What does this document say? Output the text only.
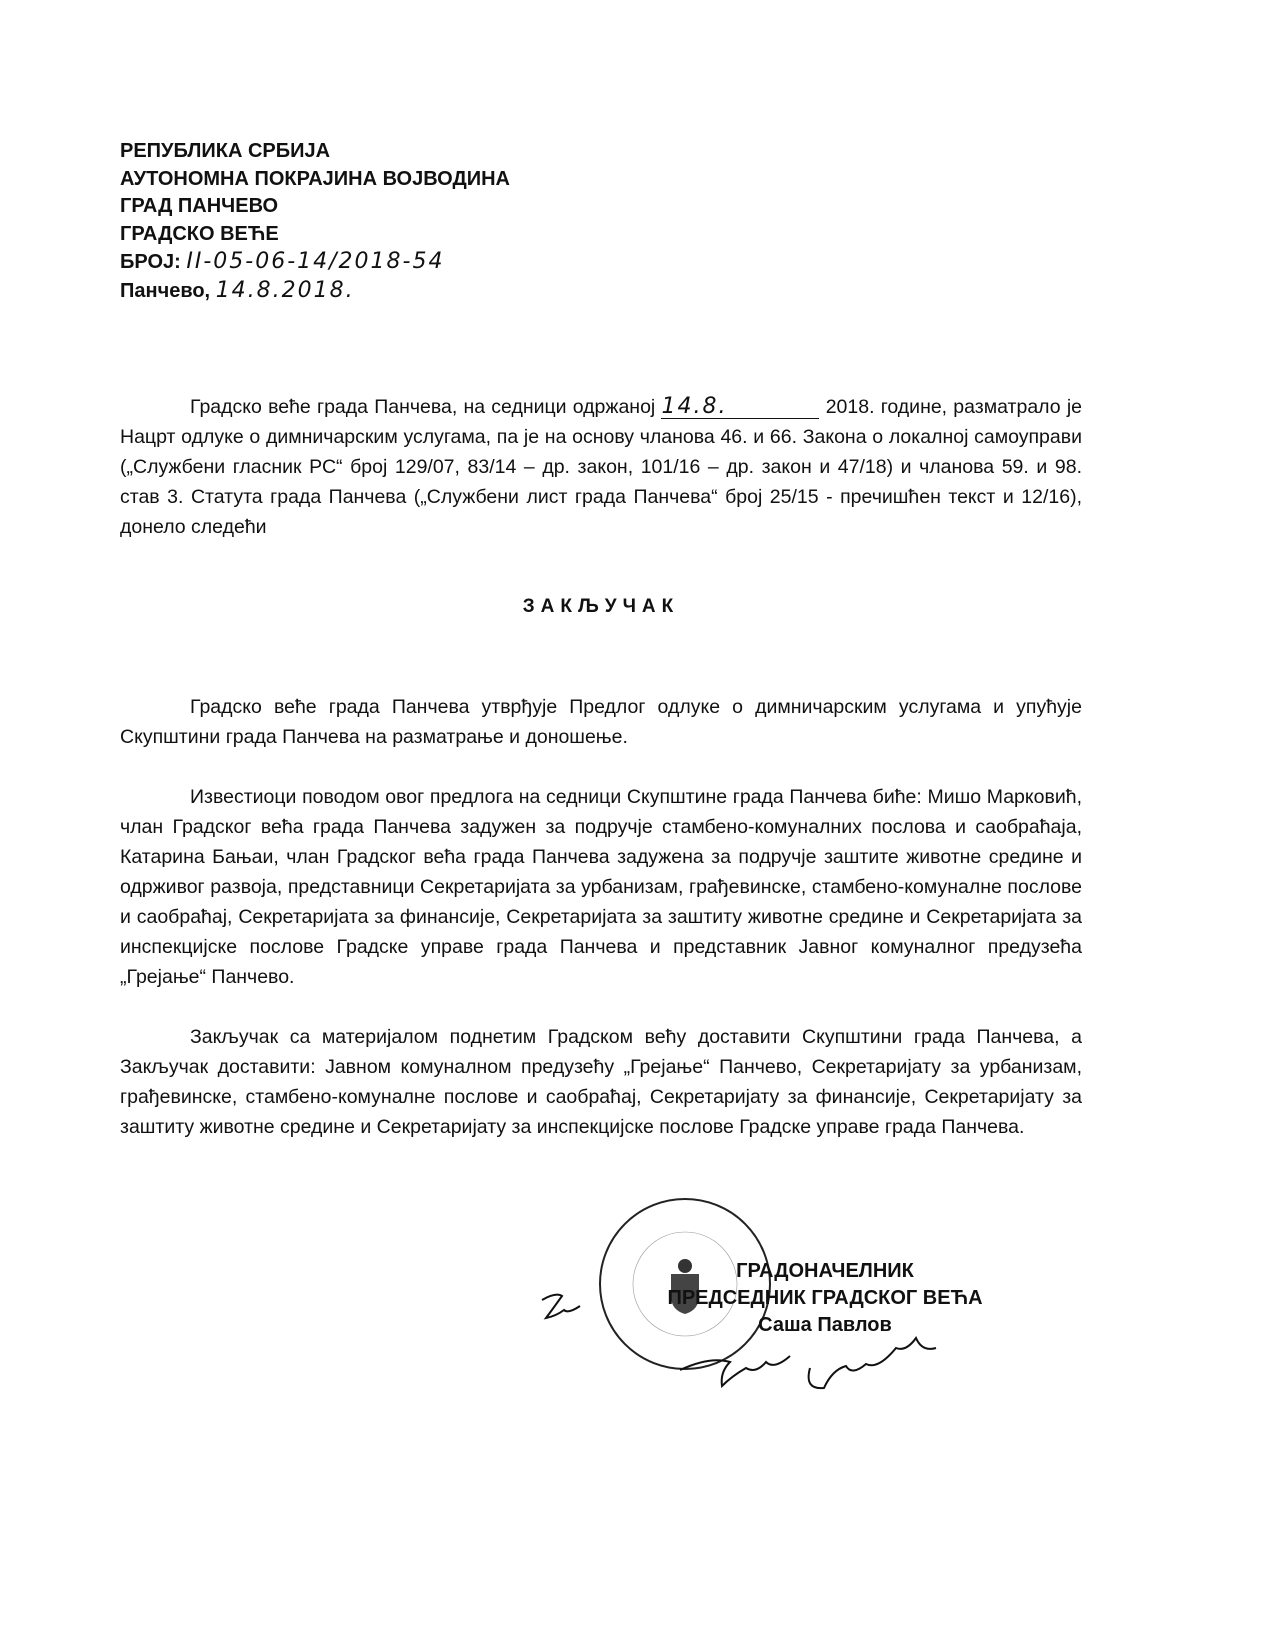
РЕПУБЛИКА СРБИЈА
АУТОНОМНА ПОКРАЈИНА ВОЈВОДИНА
ГРАД ПАНЧЕВО
ГРАДСКО ВЕЋЕ
БРОЈ: II-05-06-14/2018-54
Панчево, 14.8.2018.

Градско веће града Панчева, на седници одржаној 14.8.	2018. године, разматрало је Нацрт одлуке о димничарским услугама, па је на основу чланова 46. и 66. Закона о локалној самоуправи („Службени гласник РС“ број 129/07, 83/14 – др. закон, 101/16 – др. закон и 47/18) и чланова 59. и 98. став 3. Статута града Панчева („Службени лист града Панчева“ број 25/15 - пречишћен текст и 12/16), донело следећи

ЗАКЉУЧАК

Градско веће града Панчева утврђује Предлог одлуке о димничарским услугама и упућује Скупштини града Панчева на разматрање и доношење.

Известиоци поводом овог предлога на седници Скупштине града Панчева биће: Мишо Марковић, члан Градског већа града Панчева задужен за подручје стамбено-комуналних послова и саобраћаја, Катарина Бањаи, члан Градског већа града Панчева задужена за подручје заштите животне средине и одрживог развоја, представници Секретаријата за урбанизам, грађевинске, стамбено-комуналне послове и саобраћај, Секретаријата за финансије, Секретаријата за заштиту животне средине и Секретаријата за инспекцијске послове Градске управе града Панчева и представник Јавног комуналног предузећа „Грејање“ Панчево.

Закључак са материјалом поднетим Градском већу доставити Скупштини града Панчева, а Закључак доставити: Јавном комуналном предузећу „Грејање“ Панчево, Секретаријату за урбанизам, грађевинске, стамбено-комуналне послове и саобраћај, Секретаријату за финансије, Секретаријату за заштиту животне средине и Секретаријату за инспекцијске послове Градске управе града Панчева.

ГРАДОНАЧЕЛНИК
ПРЕДСЕДНИК ГРАДСКОГ ВЕЋА
Саша Павлов
